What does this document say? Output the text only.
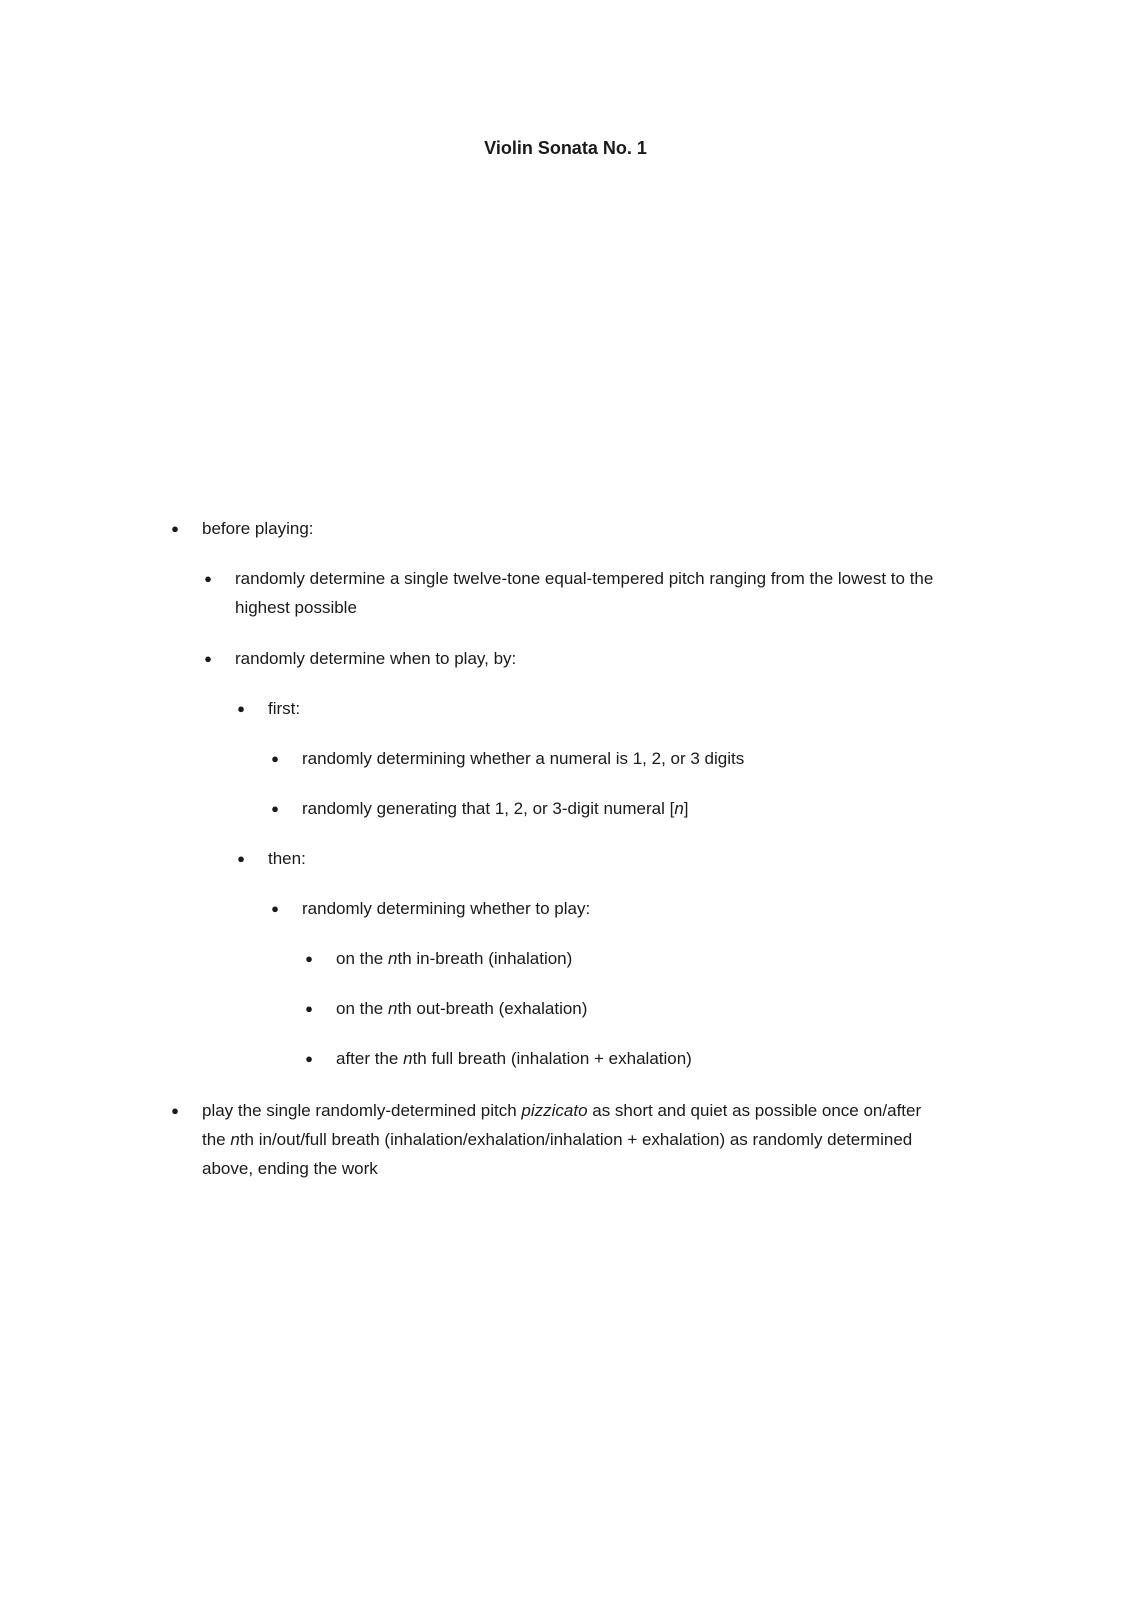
Violin Sonata No. 1
● before playing:
● randomly determine a single twelve-tone equal-tempered pitch ranging from the lowest to the highest possible
● randomly determine when to play, by:
● first:
● randomly determining whether a numeral is 1, 2, or 3 digits
● randomly generating that 1, 2, or 3-digit numeral [n]
● then:
● randomly determining whether to play:
● on the nth in-breath (inhalation)
● on the nth out-breath (exhalation)
● after the nth full breath (inhalation + exhalation)
● play the single randomly-determined pitch pizzicato as short and quiet as possible once on/after the nth in/out/full breath (inhalation/exhalation/inhalation + exhalation) as randomly determined above, ending the work
